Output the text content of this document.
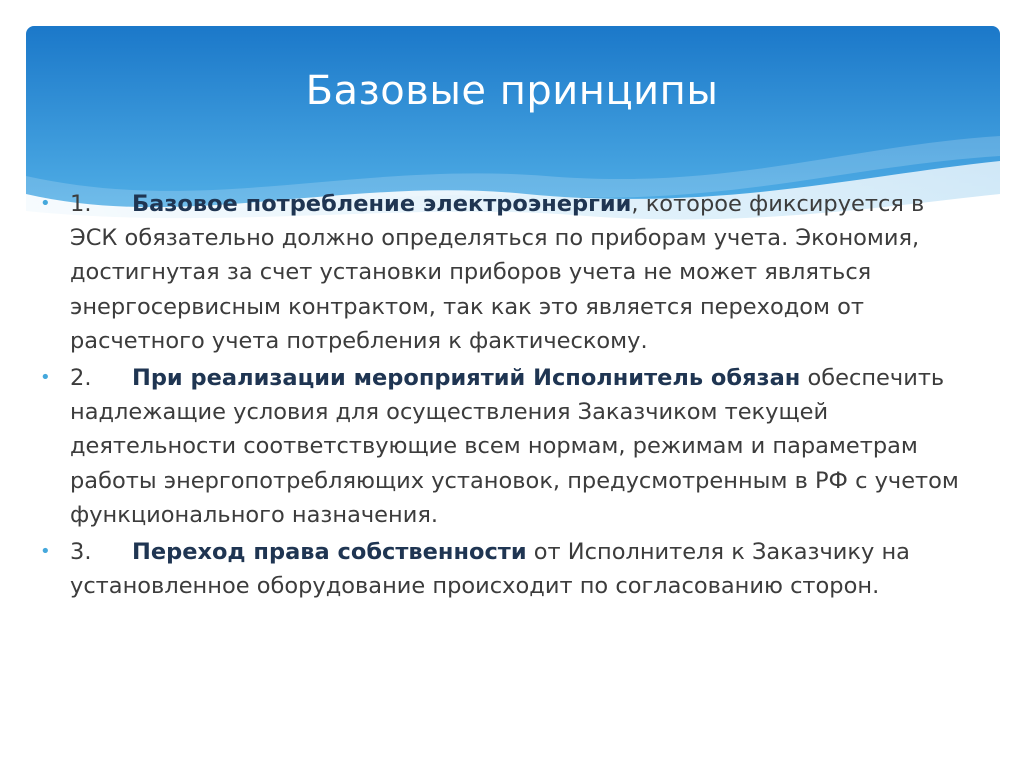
Базовые принципы
• 1. Базовое потребление электроэнергии, которое фиксируется в ЭСК обязательно должно определяться по приборам учета. Экономия, достигнутая за счет установки приборов учета не может являться энергосервисным контрактом, так как это является переходом от расчетного учета потребления к фактическому.
• 2. При реализации мероприятий Исполнитель обязан обеспечить надлежащие условия для осуществления Заказчиком текущей деятельности соответствующие всем нормам, режимам и параметрам работы энергопотребляющих установок, предусмотренным в РФ с учетом функционального назначения.
• 3. Переход права собственности от Исполнителя к Заказчику на установленное оборудование происходит по согласованию сторон.
